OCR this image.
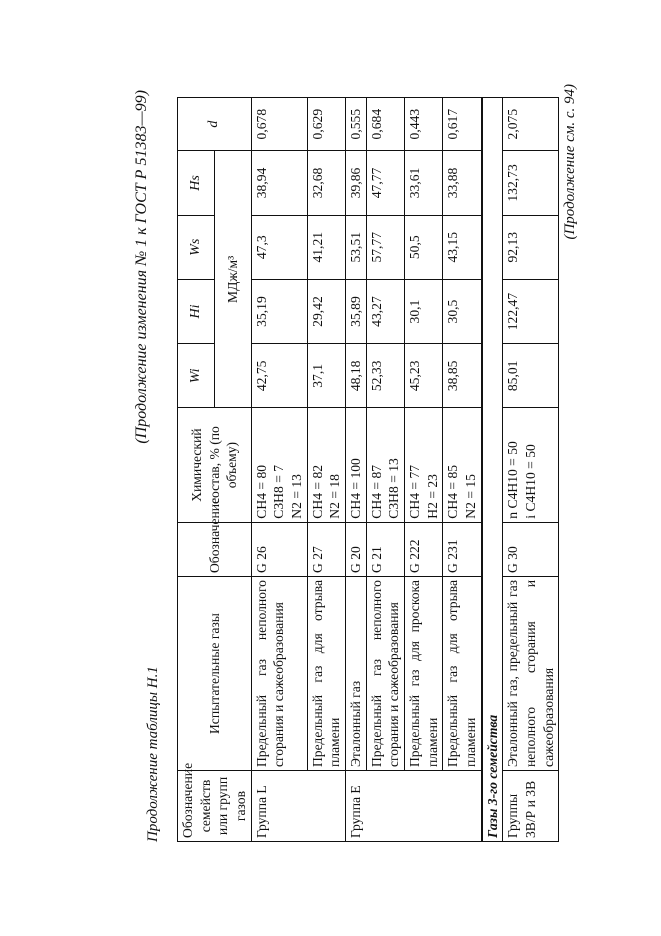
(Продолжение изменения № 1 к ГОСТ Р 51383—99)
Продолжение таблицы Н.1 Обозначение семейств или групп газов	Испытательные газы	Обозначение	Химический состав, % (по объему)	Wi	Hi	Ws	Hs	d
				МДж/м³				
Группа L	Предельный газ неполного сгорания и сажеобразования	G 26	CH4 = 80 C3H8 = 7 N2 = 13	42,75	35,19	47,3	38,94	0,678
	Предельный газ для отрыва пламени	G 27	CH4 = 82 N2 = 18	37,1	29,42	41,21	32,68	0,629
Группа E	Эталонный газ	G 20	CH4 = 100	48,18	35,89	53,51	39,86	0,555
	Предельный газ неполного сгорания и сажеобразования	G 21	CH4 = 87 C3H8 = 13	52,33	43,27	57,77	47,77	0,684
	Предельный газ для проскока пламени	G 222	CH4 = 77 H2 = 23	45,23	30,1	50,5	33,61	0,443
	Предельный газ для отрыва пламени	G 231	CH4 = 85 N2 = 15	38,85	30,5	43,15	33,88	0,617
Газы 3-го семейства								
Группы 3В/Р и 3В	Эталонный газ, предельный газ неполного сгорания и сажеобразования	G 30	n C4H10 = 50 i C4H10 = 50	85,01	122,47	92,13	132,73	2,075	(Продолжение см. с. 94)
